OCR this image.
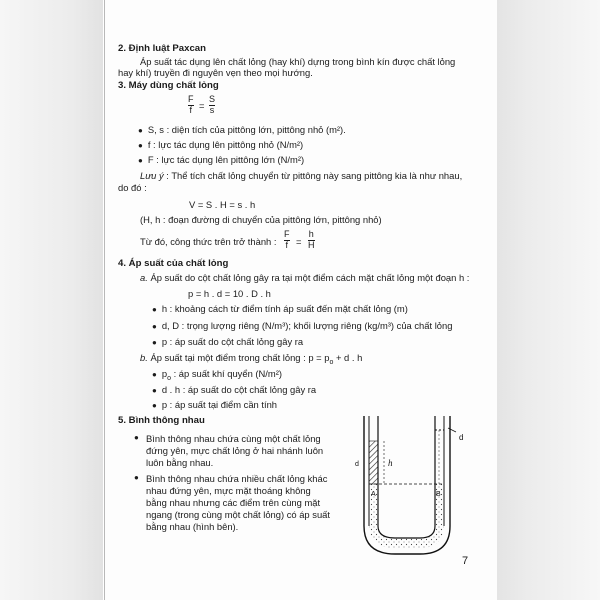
2. Định luật Paxcan
Áp suất tác dụng lên chất lỏng (hay khí) dựng trong bình kín được chất lỏng
hay khí) truyền đi nguyên vẹn theo mọi hướng.
3. Máy dùng chất lỏng
F
f =
S
s
● S, s : diện tích của pittông lớn, pittông nhỏ (m²).
● f : lực tác dụng lên pittông nhỏ (N/m²)
● F : lực tác dụng lên pittông lớn (N/m²)
Lưu ý : Thể tích chất lỏng chuyển từ pittông này sang pittông kia là như nhau,
do đó :
V = S . H = s . h
(H, h : đoạn đường di chuyển của pittông lớn, pittông nhỏ)
Từ đó, công thức trên trở thành :
F
f =
h
H
4. Áp suất của chất lỏng
a. Áp suất do cột chất lỏng gây ra tại một điểm cách mặt chất lỏng một đoạn h :
p = h . d = 10 . D . h
● h : khoảng cách từ điểm tính áp suất đến mặt chất lỏng (m)
● d, D : trọng lượng riêng (N/m³); khối lượng riêng (kg/m³) của chất lỏng
● p : áp suất do cột chất lỏng gây ra
b. Áp suất tại một điểm trong chất lỏng : $p = p_o + d$ . h
● $p_o$ : áp suất khí quyển (N/m²)
● d . h : áp suất do cột chất lỏng gây ra
● p : áp suất tại điểm cần tính
5. Bình thông nhau
● Bình thông nhau chứa cùng một chất lỏng
đứng yên, mực chất lỏng ở hai nhánh luôn
luôn bằng nhau.
● Bình thông nhau chứa nhiều chất lỏng khác
nhau đứng yên, mực mặt thoáng không
bằng nhau nhưng các điểm trên cùng mặt
ngang (trong cùng một chất lỏng) có áp suất
bằng nhau (hình bên).
d
d	h
A	B
7
